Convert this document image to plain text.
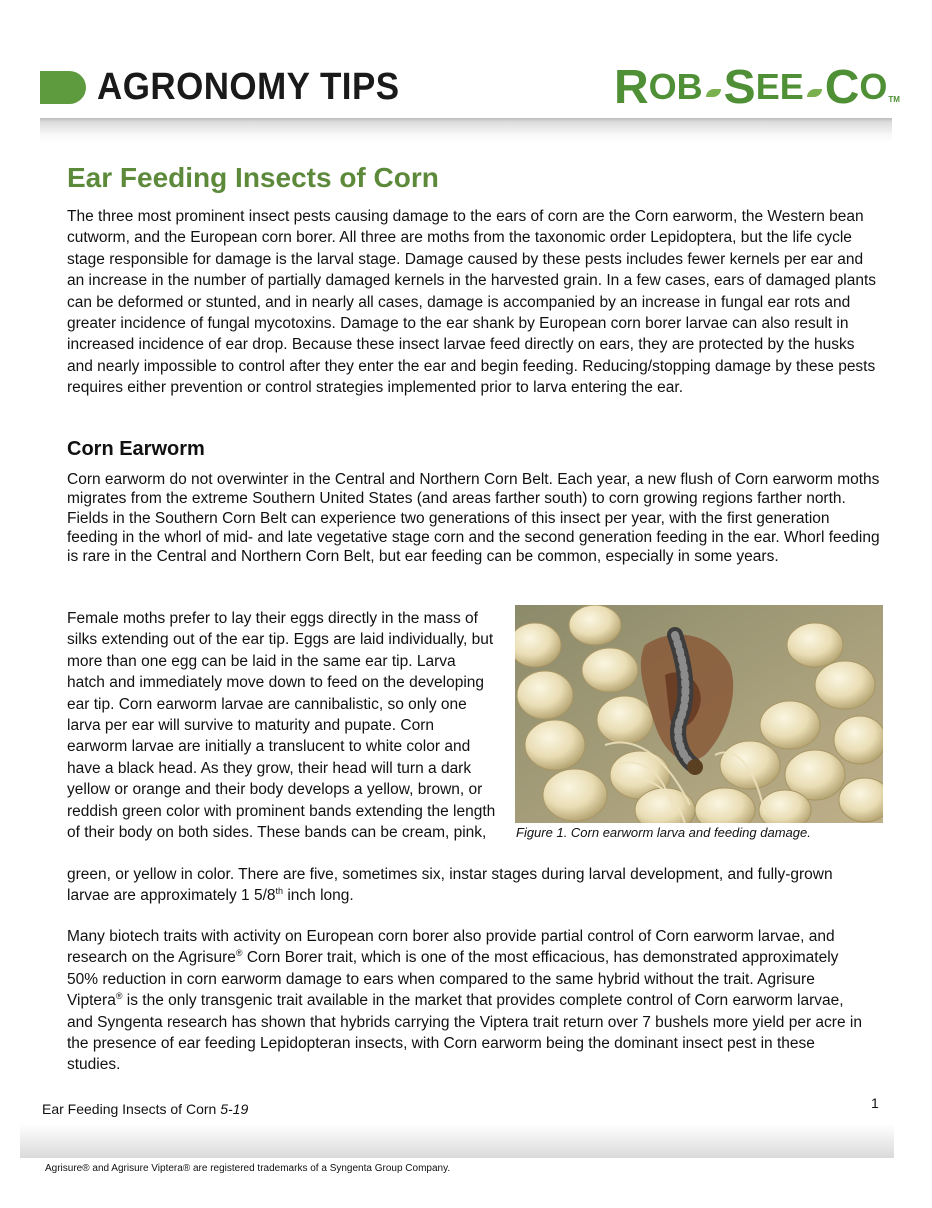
AGRONOMY TIPS	R OB S EE C O TM
Ear Feeding Insects of Corn

The three most prominent insect pests causing damage to the ears of corn are the Corn earworm, the Western bean cutworm, and the European corn borer. All three are moths from the taxonomic order Lepidoptera, but the life cycle stage responsible for damage is the larval stage. Damage caused by these pests includes fewer kernels per ear and an increase in the number of partially damaged kernels in the harvested grain. In a few cases, ears of damaged plants can be deformed or stunted, and in nearly all cases, damage is accompanied by an increase in fungal ear rots and greater incidence of fungal mycotoxins. Damage to the ear shank by European corn borer larvae can also result in increased incidence of ear drop. Because these insect larvae feed directly on ears, they are protected by the husks and nearly impossible to control after they enter the ear and begin feeding. Reducing/stopping damage by these pests requires either prevention or control strategies implemented prior to larva entering the ear.

Corn Earworm

Corn earworm do not overwinter in the Central and Northern Corn Belt. Each year, a new flush of Corn earworm moths migrates from the extreme Southern United States (and areas farther south) to corn growing regions farther north. Fields in the Southern Corn Belt can experience two generations of this insect per year, with the first generation feeding in the whorl of mid- and late vegetative stage corn and the second generation feeding in the ear. Whorl feeding is rare in the Central and Northern Corn Belt, but ear feeding can be common, especially in some years.

Female moths prefer to lay their eggs directly in the mass of silks extending out of the ear tip. Eggs are laid individually, but more than one egg can be laid in the same ear tip. Larva hatch and immediately move down to feed on the developing ear tip. Corn earworm larvae are cannibalistic, so only one larva per ear will survive to maturity and pupate. Corn earworm larvae are initially a translucent to white color and have a black head. As they grow, their head will turn a dark yellow or orange and their body develops a yellow, brown, or reddish green color with prominent bands extending the length of their body on both sides. These bands can be cream, pink,

green, or yellow in color. There are five, sometimes six, instar stages during larval development, and fully-grown larvae are approximately 1 5/8th inch long.

Many biotech traits with activity on European corn borer also provide partial control of Corn earworm larvae, and research on the Agrisure® Corn Borer trait, which is one of the most efficacious, has demonstrated approximately 50% reduction in corn earworm damage to ears when compared to the same hybrid without the trait. Agrisure Viptera® is the only transgenic trait available in the market that provides complete control of Corn earworm larvae, and Syngenta research has shown that hybrids carrying the Viptera trait return over 7 bushels more yield per acre in the presence of ear feeding Lepidopteran insects, with Corn earworm being the dominant insect pest in these studies.

Figure 1. Corn earworm larva and feeding damage.
Ear Feeding Insects of Corn 5-19	1
Agrisure® and Agrisure Viptera® are registered trademarks of a Syngenta Group Company.
